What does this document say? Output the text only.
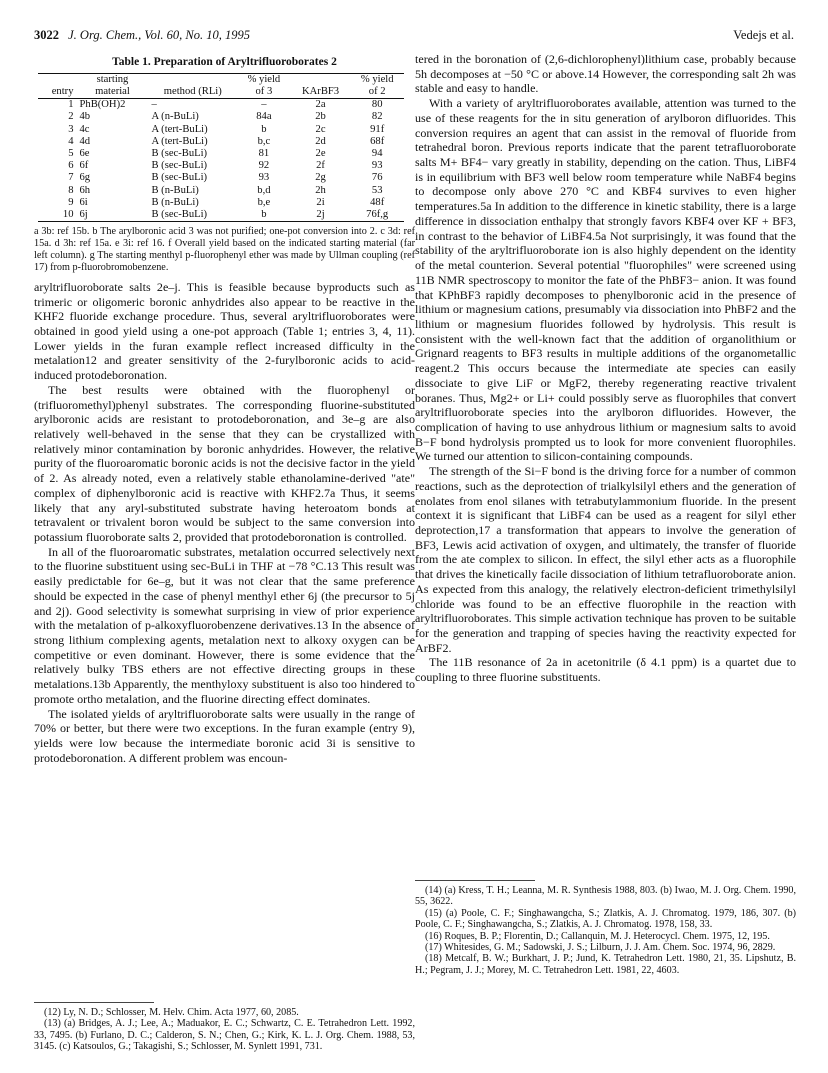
3022 J. Org. Chem., Vol. 60, No. 10, 1995	Vedejs et al.
Table 1. Preparation of Aryltrifluoroborates 2
	starting		% yield		% yield
entry	material	method (RLi)	of 3	KArBF3	of 2
1	PhB(OH)2	–	–	2a	80
2	4b	A (n-BuLi)	84a	2b	82
3	4c	A (tert-BuLi)	b	2c	91f
4	4d	A (tert-BuLi)	b,c	2d	68f
5	6e	B (sec-BuLi)	81	2e	94
6	6f	B (sec-BuLi)	92	2f	93
7	6g	B (sec-BuLi)	93	2g	76
8	6h	B (n-BuLi)	b,d	2h	53
9	6i	B (n-BuLi)	b,e	2i	48f
10	6j	B (sec-BuLi)	b	2j	76f,g
a 3b: ref 15b. b The arylboronic acid 3 was not purified; one-pot conversion into 2. c 3d: ref 15a. d 3h: ref 15a. e 3i: ref 16. f Overall yield based on the indicated starting material (far left column). g The starting menthyl p-fluorophenyl ether was made by Ullman coupling (ref 17) from p-fluorobromobenzene.

aryltrifluoroborate salts 2e–j. This is feasible because byproducts such as trimeric or oligomeric boronic anhydrides also appear to be reactive in the KHF2 fluoride exchange procedure. Thus, several aryltrifluoroborates were obtained in good yield using a one-pot approach (Table 1; entries 3, 4, 11). Lower yields in the furan example reflect increased difficulty in the metalation12 and greater sensitivity of the 2-furylboronic acids to acid-induced protodeboronation.

The best results were obtained with the fluorophenyl or (trifluoromethyl)phenyl substrates. The corresponding fluorine-substituted arylboronic acids are resistant to protodeboronation, and 3e–g are also relatively well-behaved in the sense that they can be crystallized with relatively minor contamination by boronic anhydrides. However, the relative purity of the fluoroaromatic boronic acids is not the decisive factor in the yield of 2. As already noted, even a relatively stable ethanolamine-derived "ate" complex of diphenylboronic acid is reactive with KHF2.7a Thus, it seems likely that any aryl-substituted substrate having heteroatom bonds at tetravalent or trivalent boron would be subject to the same conversion into potassium fluoroborate salts 2, provided that protodeboronation is controlled.

In all of the fluoroaromatic substrates, metalation occurred selectively next to the fluorine substituent using sec-BuLi in THF at −78 °C.13 This result was easily predictable for 6e–g, but it was not clear that the same preference should be expected in the case of phenyl menthyl ether 6j (the precursor to 5j and 2j). Good selectivity is somewhat surprising in view of prior experience with the metalation of p-alkoxyfluorobenzene derivatives.13 In the absence of strong lithium complexing agents, metalation next to alkoxy oxygen can be competitive or even dominant. However, there is some evidence that the relatively bulky TBS ethers are not effective directing groups in these metalations.13b Apparently, the menthyloxy substituent is also too hindered to promote ortho metalation, and the fluorine directing effect dominates.

The isolated yields of aryltrifluoroborate salts were usually in the range of 70% or better, but there were two exceptions. In the furan example (entry 9), yields were low because the intermediate boronic acid 3i is sensitive to protodeboronation. A different problem was encoun-

tered in the boronation of (2,6-dichlorophenyl)lithium case, probably because 5h decomposes at −50 °C or above.14 However, the corresponding salt 2h was stable and easy to handle.

With a variety of aryltrifluoroborates available, attention was turned to the use of these reagents for the in situ generation of arylboron difluorides. This conversion requires an agent that can assist in the removal of fluoride from tetrahedral boron. Previous reports indicate that the parent tetrafluoroborate salts M+ BF4− vary greatly in stability, depending on the cation. Thus, LiBF4 is in equilibrium with BF3 well below room temperature while NaBF4 begins to decompose only above 270 °C and KBF4 survives to even higher temperatures.5a In addition to the difference in kinetic stability, there is a large difference in dissociation enthalpy that strongly favors KBF4 over KF + BF3, in contrast to the behavior of LiBF4.5a Not surprisingly, it was found that the stability of the aryltrifluoroborate ion is also highly dependent on the identity of the metal counterion. Several potential "fluorophiles" were screened using 11B NMR spectroscopy to monitor the fate of the PhBF3− anion. It was found that KPhBF3 rapidly decomposes to phenylboronic acid in the presence of lithium or magnesium cations, presumably via dissociation into PhBF2 and the lithium or magnesium fluorides followed by hydrolysis. This result is consistent with the well-known fact that the addition of organolithium or Grignard reagents to BF3 results in multiple additions of the organometallic reagent.2 This occurs because the intermediate ate species can easily dissociate to give LiF or MgF2, thereby regenerating reactive trivalent boranes. Thus, Mg2+ or Li+ could possibly serve as fluorophiles that convert aryltrifluoroborate species into the arylboron difluorides. However, the complication of having to use anhydrous lithium or magnesium salts to avoid B−F bond hydrolysis prompted us to look for more convenient fluorophiles. We turned our attention to silicon-containing compounds.

The strength of the Si−F bond is the driving force for a number of common reactions, such as the deprotection of trialkylsilyl ethers and the generation of enolates from enol silanes with tetrabutylammonium fluoride. In the present context it is significant that LiBF4 can be used as a reagent for silyl ether deprotection,17 a transformation that appears to involve the generation of BF3, Lewis acid activation of oxygen, and ultimately, the transfer of fluoride from the ate complex to silicon. In effect, the silyl ether acts as a fluorophile that drives the kinetically facile dissociation of lithium tetrafluoroborate anion. As expected from this analogy, the relatively electron-deficient trimethylsilyl chloride was found to be an effective fluorophile in the reaction with aryltrifluoroborates. This simple activation technique has proven to be suitable for the generation and trapping of species having the reactivity expected for ArBF2.

The 11B resonance of 2a in acetonitrile (δ 4.1 ppm) is a quartet due to coupling to three fluorine substituents.

(12) Ly, N. D.; Schlosser, M. Helv. Chim. Acta 1977, 60, 2085.
(13) (a) Bridges, A. J.; Lee, A.; Maduakor, E. C.; Schwartz, C. E. Tetrahedron Lett. 1992, 33, 7495. (b) Furlano, D. C.; Calderon, S. N.; Chen, G.; Kirk, K. L. J. Org. Chem. 1988, 53, 3145. (c) Katsoulos, G.; Takagishi, S.; Schlosser, M. Synlett 1991, 731.
(14) (a) Kress, T. H.; Leanna, M. R. Synthesis 1988, 803. (b) Iwao, M. J. Org. Chem. 1990, 55, 3622.
(15) (a) Poole, C. F.; Singhawangcha, S.; Zlatkis, A. J. Chromatog. 1979, 186, 307. (b) Poole, C. F.; Singhawangcha, S.; Zlatkis, A. J. Chromatog. 1978, 158, 33.
(16) Roques, B. P.; Florentin, D.; Callanquin, M. J. Heterocycl. Chem. 1975, 12, 195.
(17) Whitesides, G. M.; Sadowski, J. S.; Lilburn, J. J. Am. Chem. Soc. 1974, 96, 2829.
(18) Metcalf, B. W.; Burkhart, J. P.; Jund, K. Tetrahedron Lett. 1980, 21, 35. Lipshutz, B. H.; Pegram, J. J.; Morey, M. C. Tetrahedron Lett. 1981, 22, 4603.
